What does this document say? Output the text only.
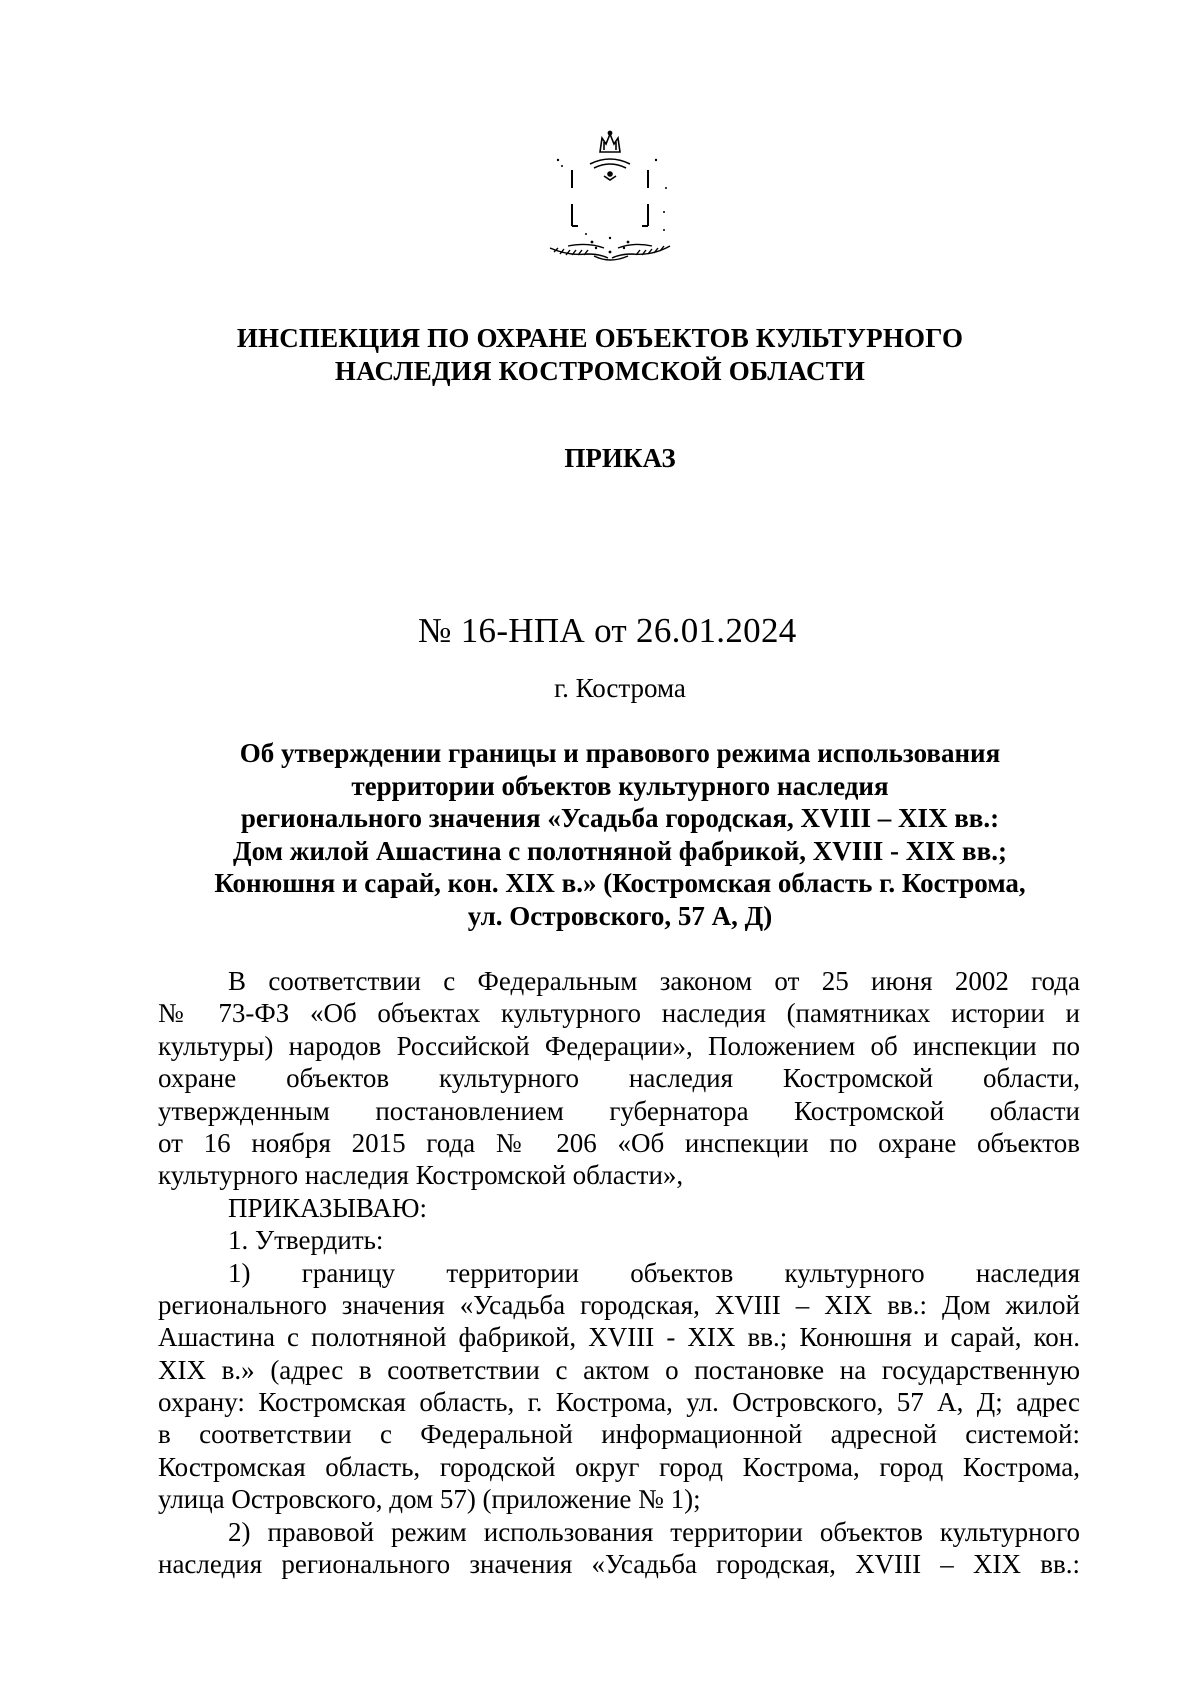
ИНСПЕКЦИЯ ПО ОХРАНЕ ОБЪЕКТОВ КУЛЬТУРНОГО
НАСЛЕДИЯ КОСТРОМСКОЙ ОБЛАСТИ
ПРИКАЗ
№ 16-НПА от 26.01.2024
г. Кострома
Об утверждении границы и правового режима использования
территории объектов культурного наследия
регионального значения «Усадьба городская, XVIII – XIX вв.:
Дом жилой Ашастина с полотняной фабрикой, XVIII - XIX вв.;
Конюшня и сарай, кон. XIX в.» (Костромская область г. Кострома,
ул. Островского, 57 А, Д)
В соответствии с Федеральным законом от 25 июня 2002 года
№ 73-ФЗ «Об объектах культурного наследия (памятниках истории и
культуры) народов Российской Федерации», Положением об инспекции по
охране объектов культурного наследия Костромской области,
утвержденным постановлением губернатора Костромской области
от 16 ноября 2015 года № 206 «Об инспекции по охране объектов
культурного наследия Костромской области»,
ПРИКАЗЫВАЮ:
1. Утвердить:
1) границу территории объектов культурного наследия
регионального значения «Усадьба городская, XVIII – XIX вв.: Дом жилой
Ашастина с полотняной фабрикой, XVIII - XIX вв.; Конюшня и сарай, кон.
XIX в.» (адрес в соответствии с актом о постановке на государственную
охрану: Костромская область, г. Кострома, ул. Островского, 57 А, Д; адрес
в соответствии с Федеральной информационной адресной системой:
Костромская область, городской округ город Кострома, город Кострома,
улица Островского, дом 57) (приложение № 1);
2) правовой режим использования территории объектов культурного
наследия регионального значения «Усадьба городская, XVIII – XIX вв.:
